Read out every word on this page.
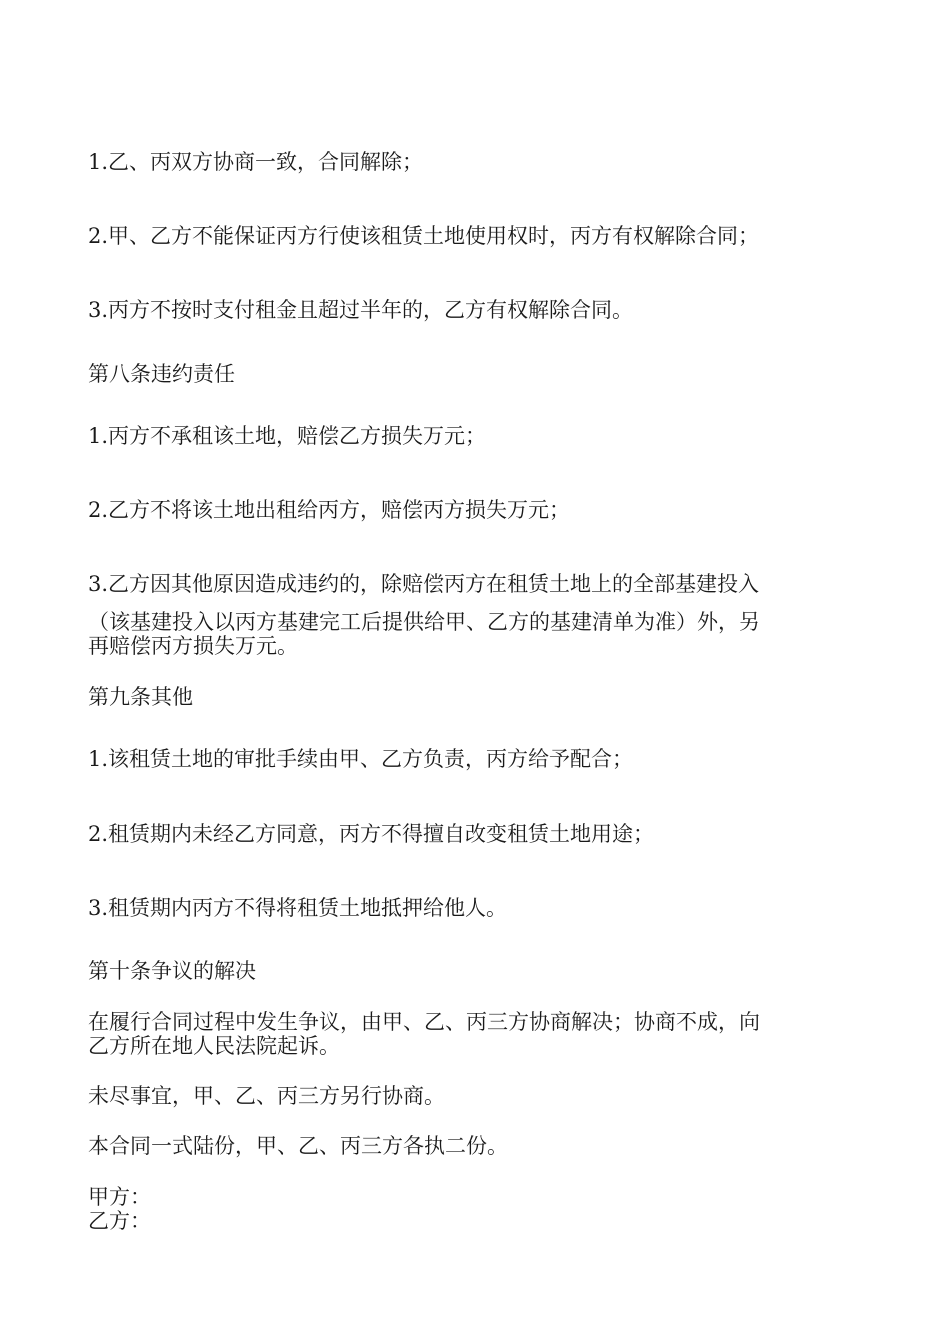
1.乙、丙双方协商一致，合同解除；
2.甲、乙方不能保证丙方行使该租赁土地使用权时，丙方有权解除合同；
3.丙方不按时支付租金且超过半年的，乙方有权解除合同。
第八条违约责任
1.丙方不承租该土地，赔偿乙方损失万元；
2.乙方不将该土地出租给丙方，赔偿丙方损失万元；
3.乙方因其他原因造成违约的，除赔偿丙方在租赁土地上的全部基建投入
（该基建投入以丙方基建完工后提供给甲、乙方的基建清单为准）外，另
再赔偿丙方损失万元。
第九条其他
1.该租赁土地的审批手续由甲、乙方负责，丙方给予配合；
2.租赁期内未经乙方同意，丙方不得擅自改变租赁土地用途；
3.租赁期内丙方不得将租赁土地抵押给他人。
第十条争议的解决
在履行合同过程中发生争议，由甲、乙、丙三方协商解决；协商不成，向
乙方所在地人民法院起诉。
未尽事宜，甲、乙、丙三方另行协商。
本合同一式陆份，甲、乙、丙三方各执二份。
甲方：
乙方：
